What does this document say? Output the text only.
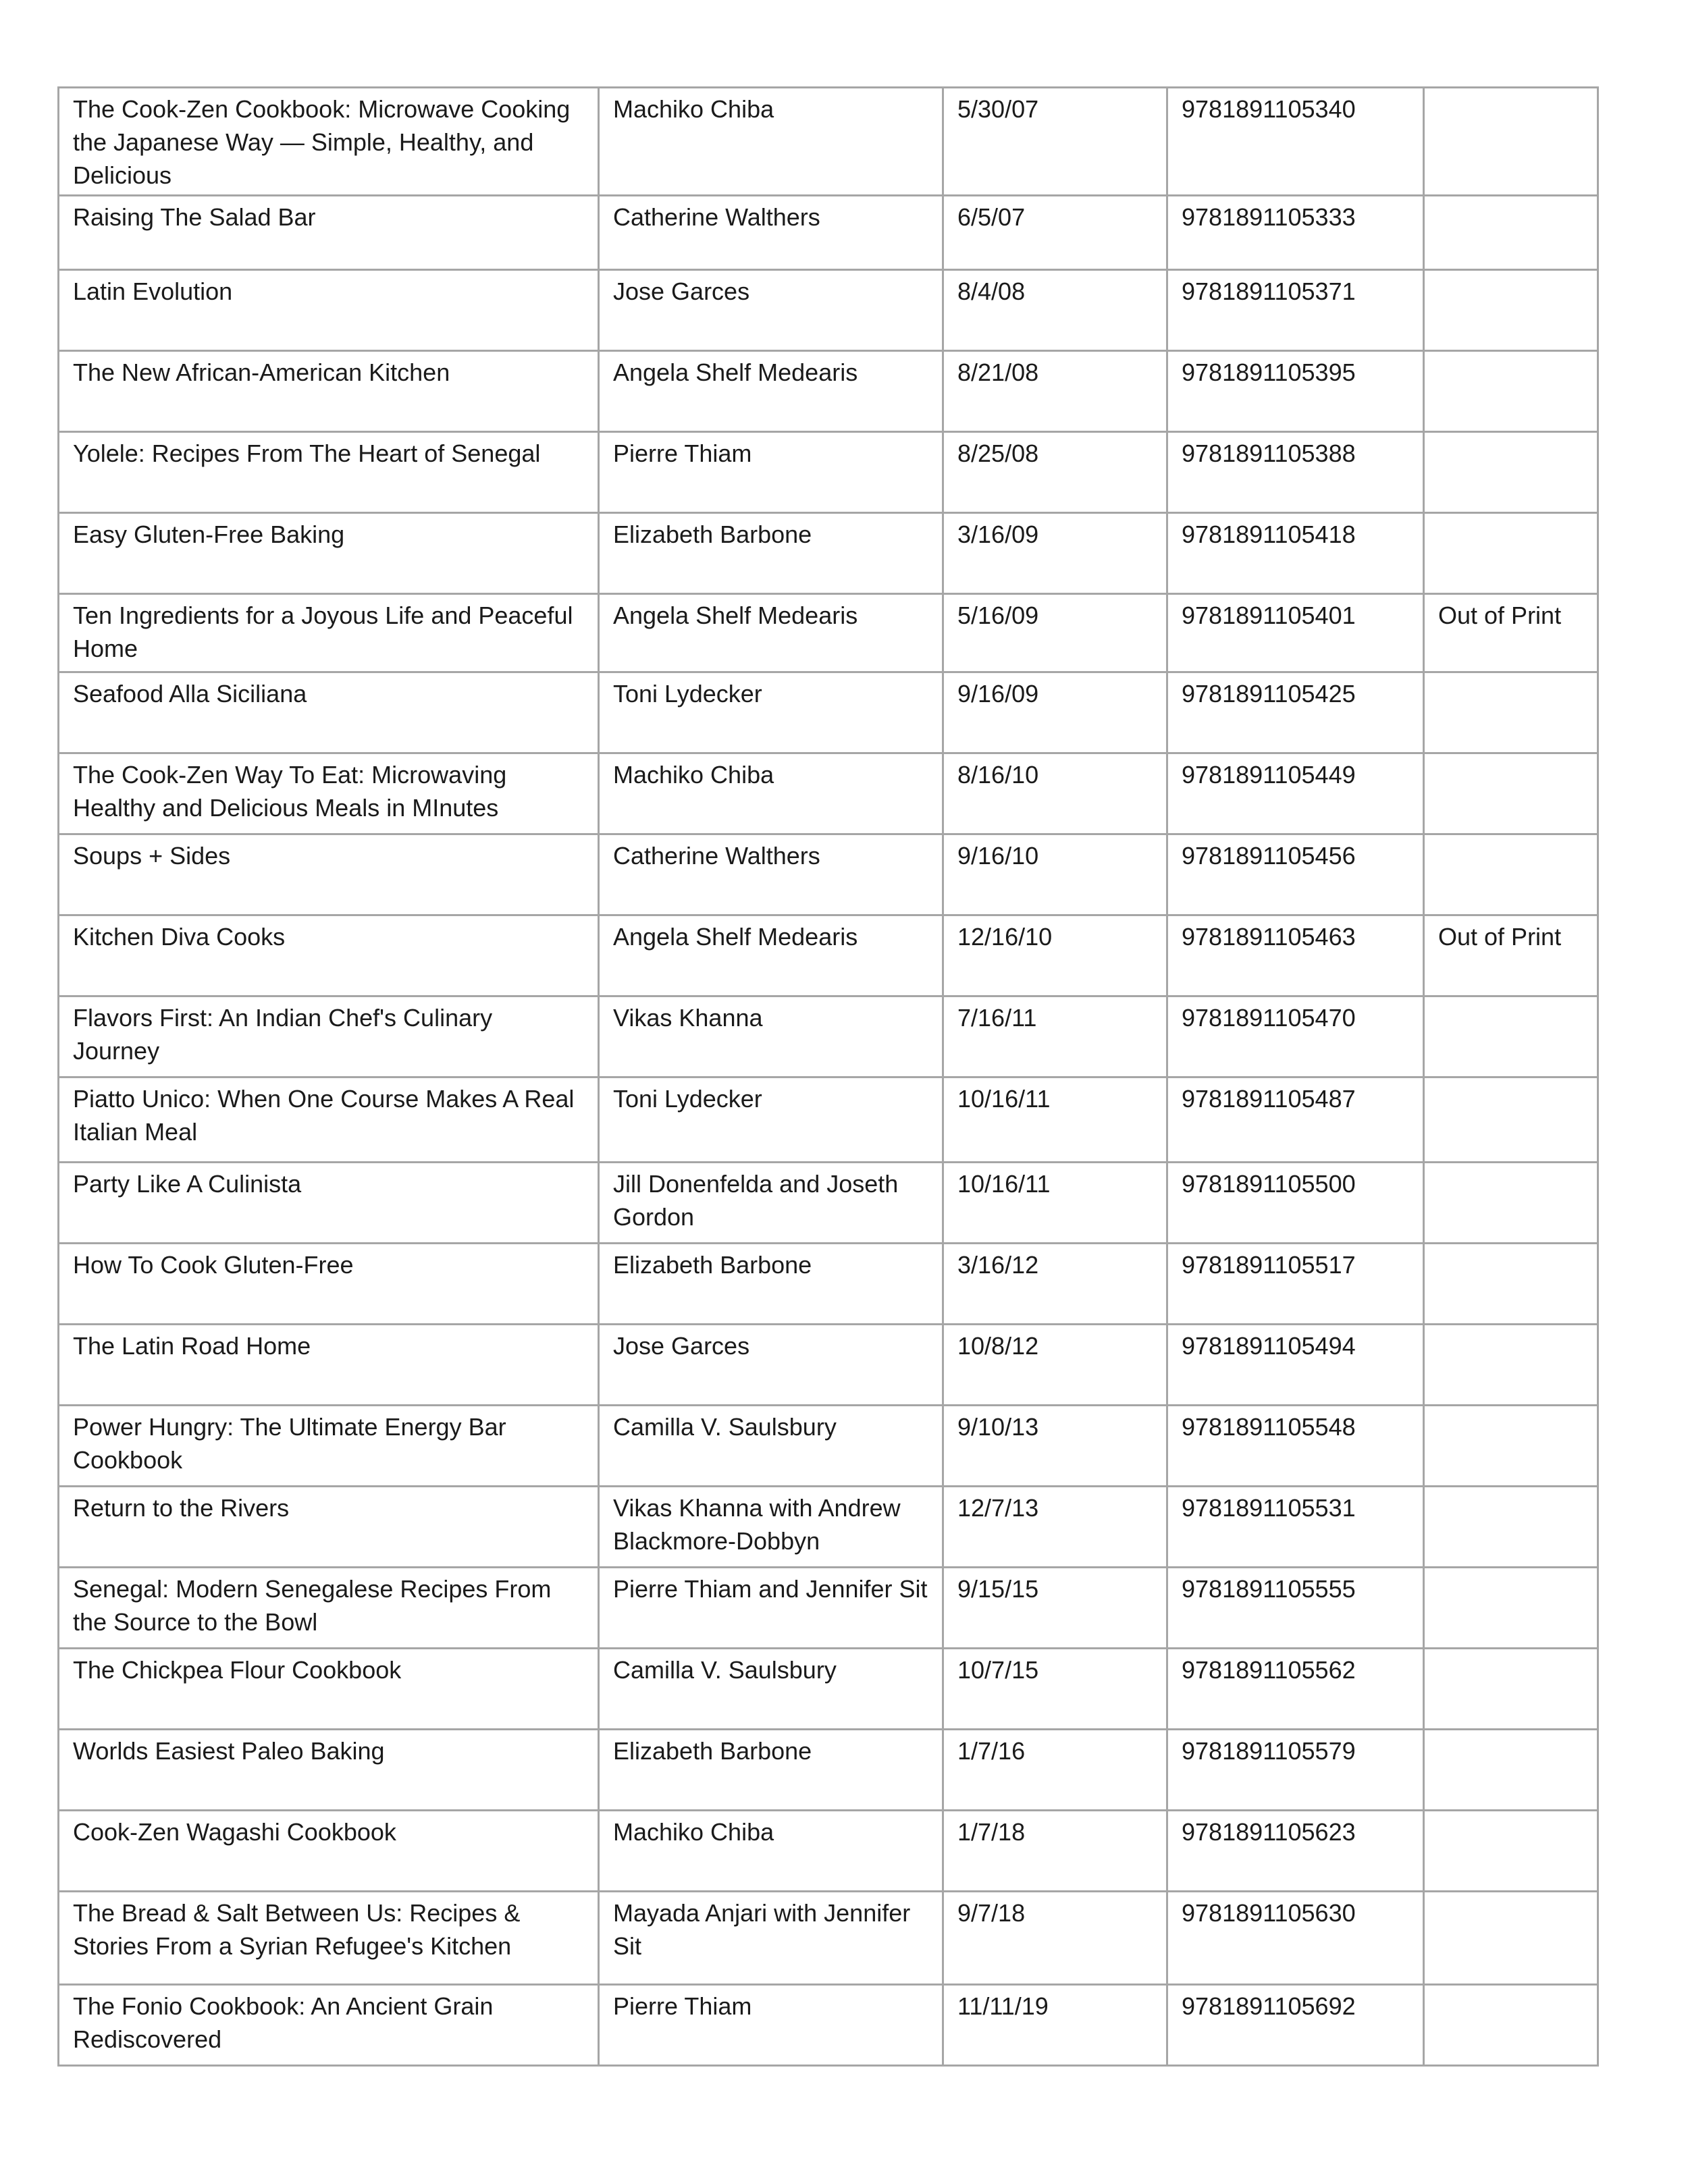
The Cook-Zen Cookbook: Microwave Cooking the Japanese Way — Simple, Healthy, and Delicious	Machiko Chiba	5/30/07	9781891105340	
Raising The Salad Bar	Catherine Walthers	6/5/07	9781891105333	
Latin Evolution	Jose Garces	8/4/08	9781891105371	
The New African-American Kitchen	Angela Shelf Medearis	8/21/08	9781891105395	
Yolele: Recipes From The Heart of Senegal	Pierre Thiam	8/25/08	9781891105388	
Easy Gluten-Free Baking	Elizabeth Barbone	3/16/09	9781891105418	
Ten Ingredients for a Joyous Life and Peaceful Home	Angela Shelf Medearis	5/16/09	9781891105401	Out of Print
Seafood Alla Siciliana	Toni Lydecker	9/16/09	9781891105425	
The Cook-Zen Way To Eat: Microwaving Healthy and Delicious Meals in MInutes	Machiko Chiba	8/16/10	9781891105449	
Soups + Sides	Catherine Walthers	9/16/10	9781891105456	
Kitchen Diva Cooks	Angela Shelf Medearis	12/16/10	9781891105463	Out of Print
Flavors First: An Indian Chef's Culinary Journey	Vikas Khanna	7/16/11	9781891105470	
Piatto Unico: When One Course Makes A Real Italian Meal	Toni Lydecker	10/16/11	9781891105487	
Party Like A Culinista	Jill Donenfelda and Joseth Gordon	10/16/11	9781891105500	
How To Cook Gluten-Free	Elizabeth Barbone	3/16/12	9781891105517	
The Latin Road Home	Jose Garces	10/8/12	9781891105494	
Power Hungry: The Ultimate Energy Bar Cookbook	Camilla V. Saulsbury	9/10/13	9781891105548	
Return to the Rivers	Vikas Khanna with Andrew Blackmore-Dobbyn	12/7/13	9781891105531	
Senegal: Modern Senegalese Recipes From the Source to the Bowl	Pierre Thiam and Jennifer Sit	9/15/15	9781891105555	
The Chickpea Flour Cookbook	Camilla V. Saulsbury	10/7/15	9781891105562	
Worlds Easiest Paleo Baking	Elizabeth Barbone	1/7/16	9781891105579	
Cook-Zen Wagashi Cookbook	Machiko Chiba	1/7/18	9781891105623	
The Bread & Salt Between Us: Recipes & Stories From a Syrian Refugee's Kitchen	Mayada Anjari with Jennifer Sit	9/7/18	9781891105630	
The Fonio Cookbook: An Ancient Grain Rediscovered	Pierre Thiam	11/11/19	9781891105692	
